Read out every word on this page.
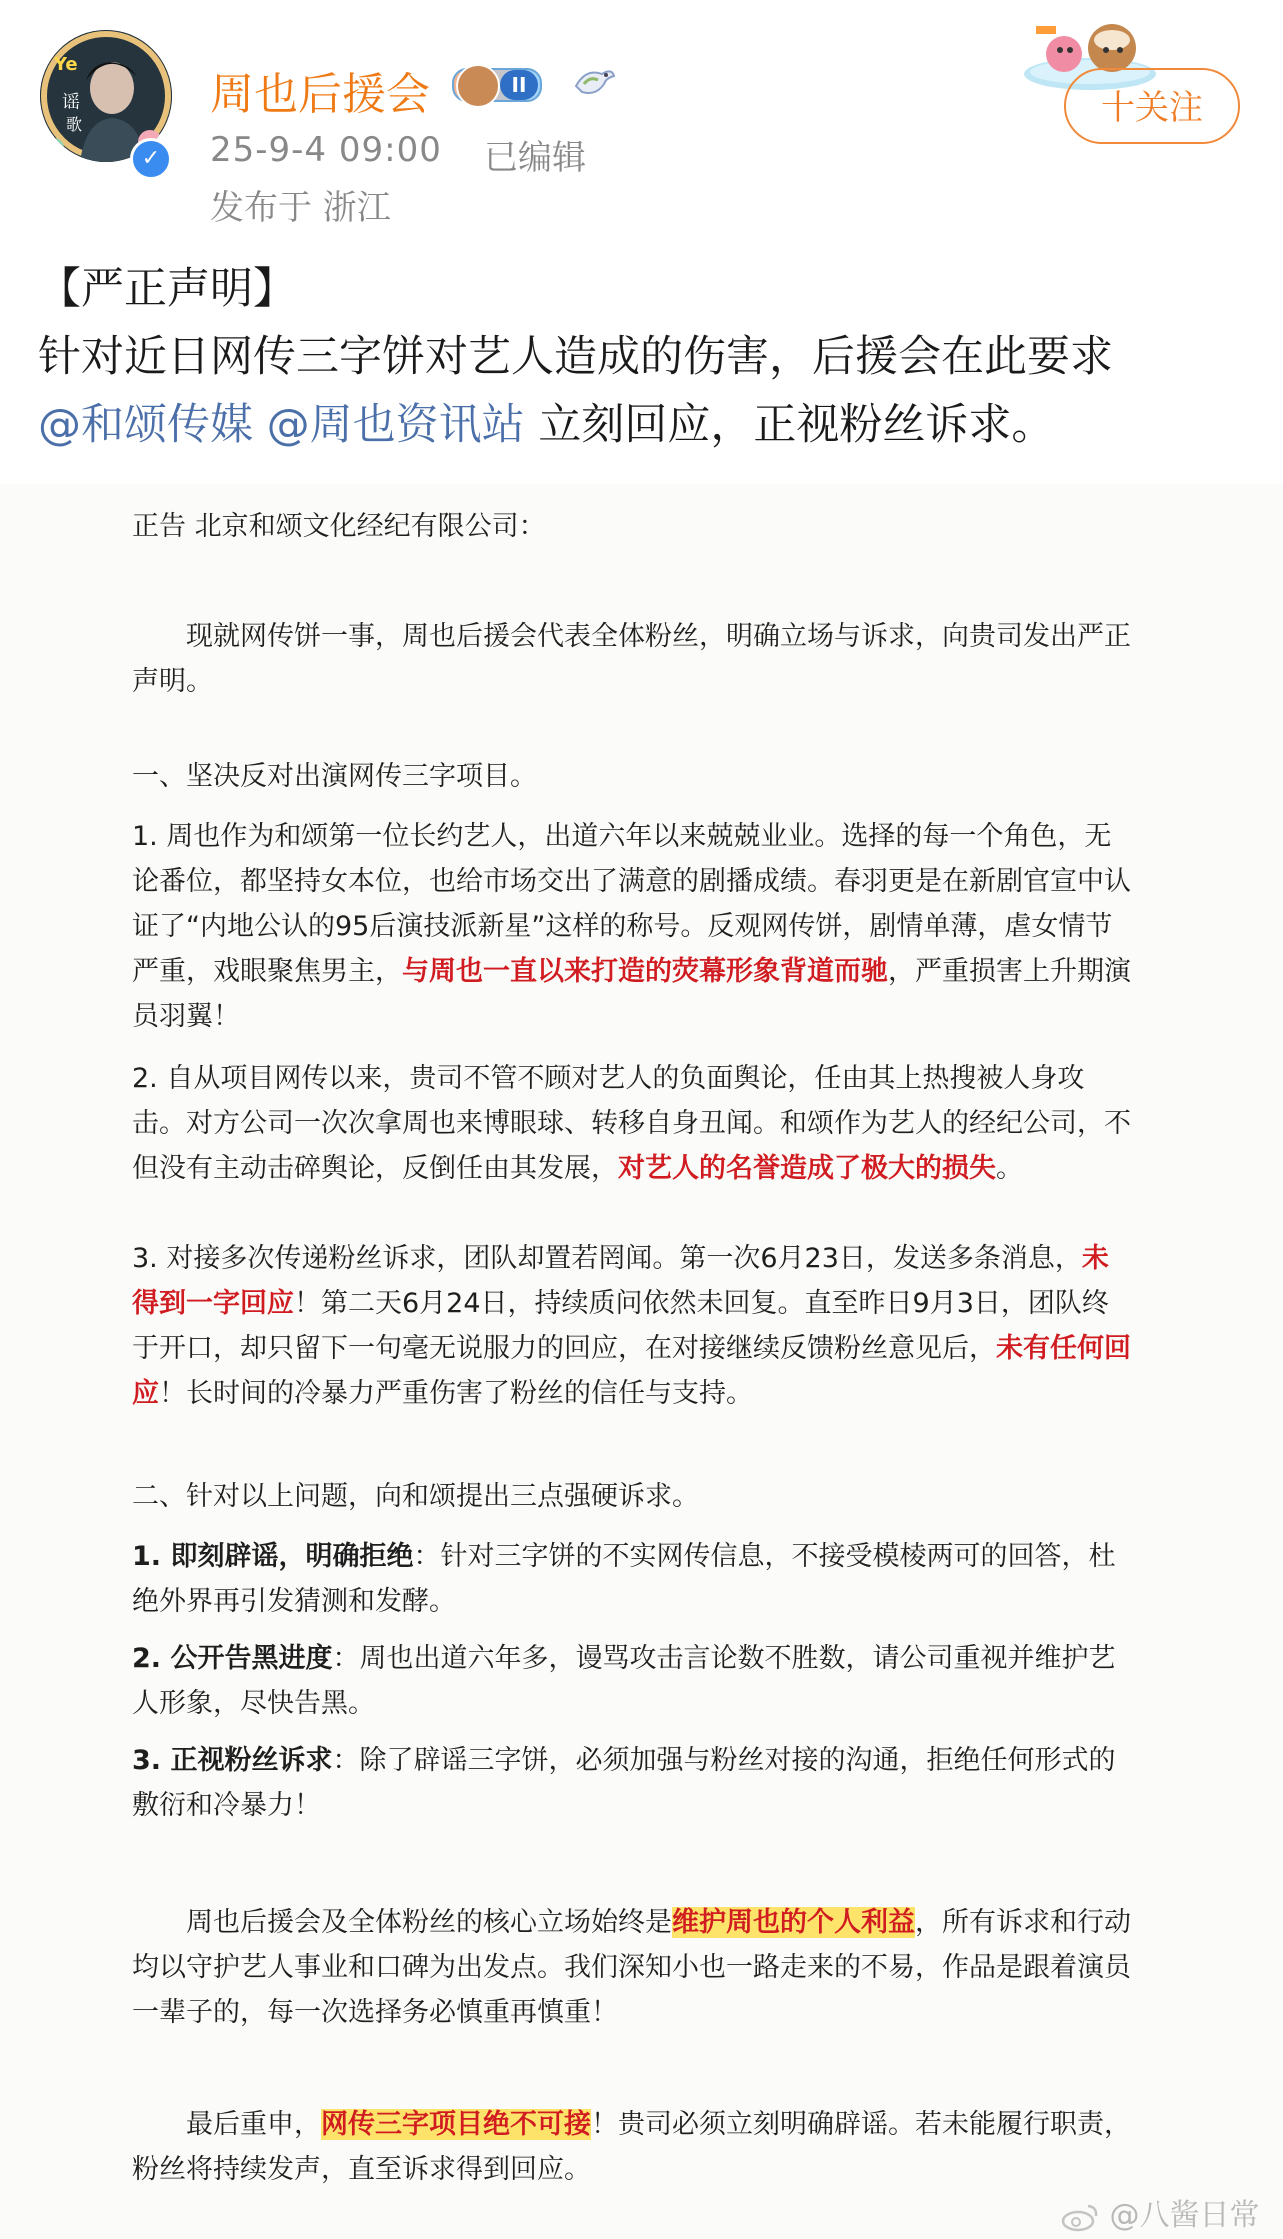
Ye
谣
歌
✓
周也后援会	II
25-9-4 09:00 已编辑
发布于 浙江
十关注
【严正声明】
针对近日网传三字饼对艺人造成的伤害，后援会在此要求
@和颂传媒 @周也资讯站 立刻回应，正视粉丝诉求。

正告 北京和颂文化经纪有限公司：

现就网传饼一事，周也后援会代表全体粉丝，明确立场与诉求，向贵司发出严正声明。

一、坚决反对出演网传三字项目。

1. 周也作为和颂第一位长约艺人，出道六年以来兢兢业业。选择的每一个角色，无论番位，都坚持女本位，也给市场交出了满意的剧播成绩。春羽更是在新剧官宣中认证了“内地公认的95后演技派新星”这样的称号。反观网传饼，剧情单薄，虐女情节严重，戏眼聚焦男主，与周也一直以来打造的荧幕形象背道而驰，严重损害上升期演员羽翼！

2. 自从项目网传以来，贵司不管不顾对艺人的负面舆论，任由其上热搜被人身攻击。对方公司一次次拿周也来博眼球、转移自身丑闻。和颂作为艺人的经纪公司，不但没有主动击碎舆论，反倒任由其发展，对艺人的名誉造成了极大的损失。

3. 对接多次传递粉丝诉求，团队却置若罔闻。第一次6月23日，发送多条消息，未得到一字回应！第二天6月24日，持续质问依然未回复。直至昨日9月3日，团队终于开口，却只留下一句毫无说服力的回应，在对接继续反馈粉丝意见后，未有任何回应！长时间的冷暴力严重伤害了粉丝的信任与支持。

二、针对以上问题，向和颂提出三点强硬诉求。

1. 即刻辟谣，明确拒绝：针对三字饼的不实网传信息，不接受模棱两可的回答，杜绝外界再引发猜测和发酵。

2. 公开告黑进度：周也出道六年多，谩骂攻击言论数不胜数，请公司重视并维护艺人形象，尽快告黑。

3. 正视粉丝诉求：除了辟谣三字饼，必须加强与粉丝对接的沟通，拒绝任何形式的敷衍和冷暴力！

周也后援会及全体粉丝的核心立场始终是维护周也的个人利益，所有诉求和行动均以守护艺人事业和口碑为出发点。我们深知小也一路走来的不易，作品是跟着演员一辈子的，每一次选择务必慎重再慎重！

最后重申，网传三字项目绝不可接！贵司必须立刻明确辟谣。若未能履行职责，粉丝将持续发声，直至诉求得到回应。

@八酱日常
